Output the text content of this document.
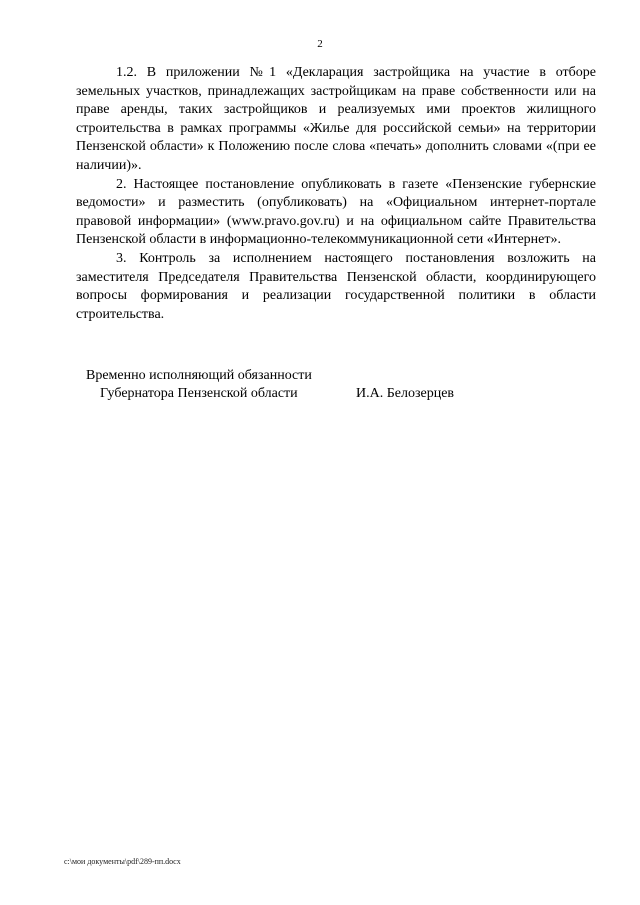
2

1.2. В приложении №1 «Декларация застройщика на участие в отборе земельных участков, принадлежащих застройщикам на праве собственности или на праве аренды, таких застройщиков и реализуемых ими проектов жилищного строительства в рамках программы «Жилье для российской семьи» на территории Пензенской области» к Положению после слова «печать» дополнить словами «(при ее наличии)».

2. Настоящее постановление опубликовать в газете «Пензенские губернские ведомости» и разместить (опубликовать) на «Официальном интернет-портале правовой информации» (www.pravo.gov.ru) и на официальном сайте Правительства Пензенской области в информационно-телекоммуникационной сети «Интернет».

3. Контроль за исполнением настоящего постановления возложить на заместителя Председателя Правительства Пензенской области, координирующего вопросы формирования и реализации государственной политики в области строительства.

Временно исполняющий обязанности
Губернатора Пензенской области	И.А. Белозерцев
c:\мои документы\pdf\289-пп.docx
